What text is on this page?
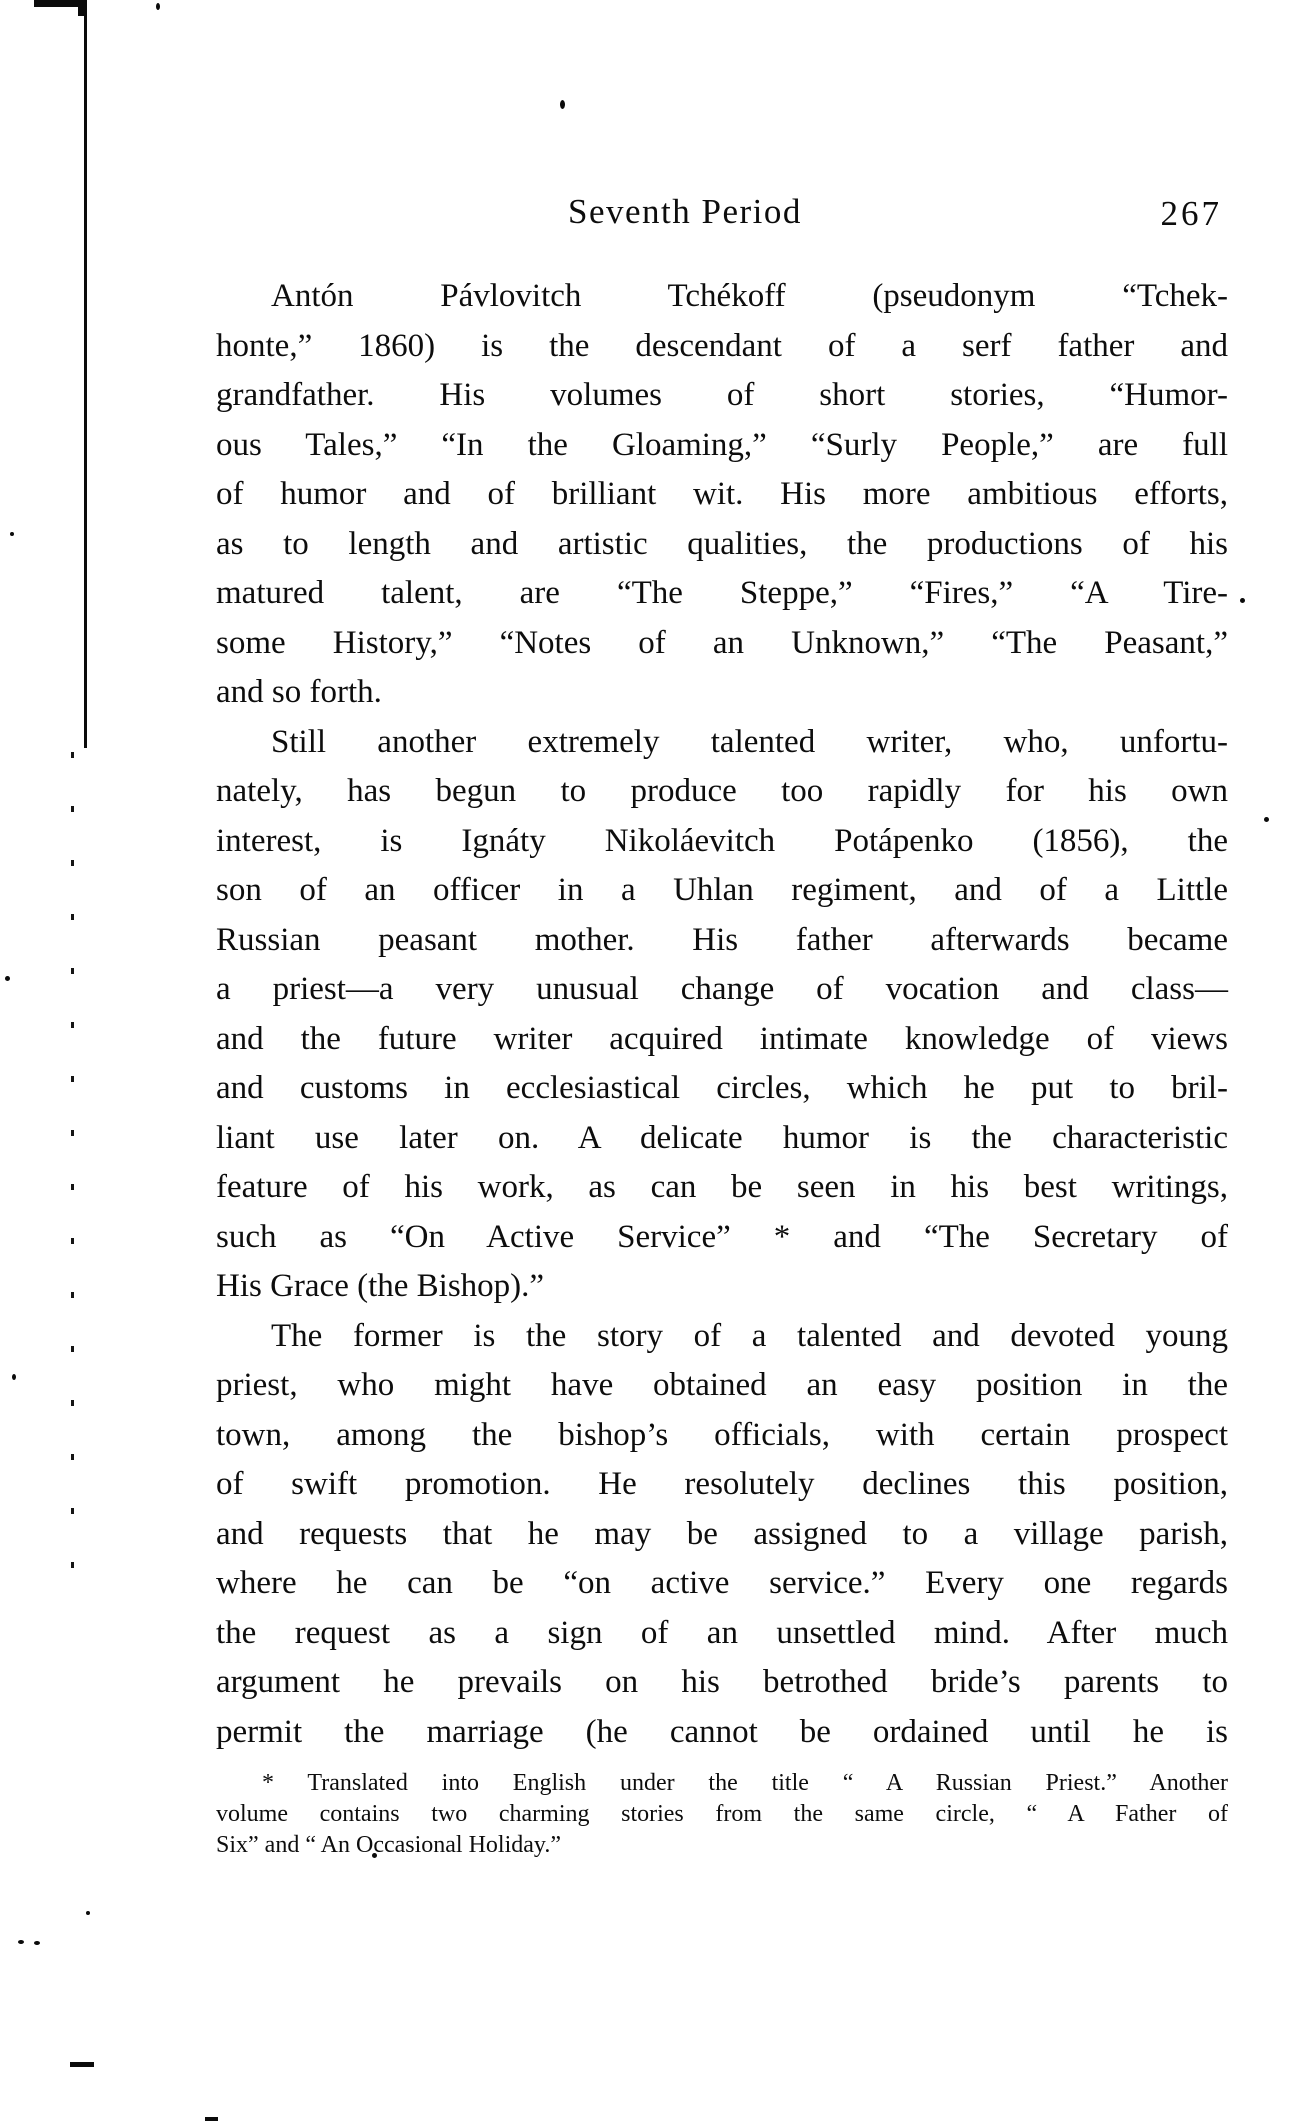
Seventh Period	267
Antón Pávlovitch Tchékoff (pseudonym “Tchek-
honte,” 1860) is the descendant of a serf father and
grandfather. His volumes of short stories, “Humor-
ous Tales,” “In the Gloaming,” “Surly People,” are full
of humor and of brilliant wit. His more ambitious efforts,
as to length and artistic qualities, the productions of his
matured talent, are “The Steppe,” “Fires,” “A Tire-
some History,” “Notes of an Unknown,” “The Peasant,”
and so forth.
Still another extremely talented writer, who, unfortu-
nately, has begun to produce too rapidly for his own
interest, is Ignáty Nikoláevitch Potápenko (1856), the
son of an officer in a Uhlan regiment, and of a Little
Russian peasant mother. His father afterwards became
a priest—a very unusual change of vocation and class—
and the future writer acquired intimate knowledge of views
and customs in ecclesiastical circles, which he put to bril-
liant use later on. A delicate humor is the characteristic
feature of his work, as can be seen in his best writings,
such as “On Active Service” * and “The Secretary of
His Grace (the Bishop).”
The former is the story of a talented and devoted young
priest, who might have obtained an easy position in the
town, among the bishop’s officials, with certain prospect
of swift promotion. He resolutely declines this position,
and requests that he may be assigned to a village parish,
where he can be “on active service.” Every one regards
the request as a sign of an unsettled mind. After much
argument he prevails on his betrothed bride’s parents to
permit the marriage (he cannot be ordained until he is
* Translated into English under the title “ A Russian Priest.” Another
volume contains two charming stories from the same circle, “ A Father of
Six” and “ An Occasional Holiday.”
